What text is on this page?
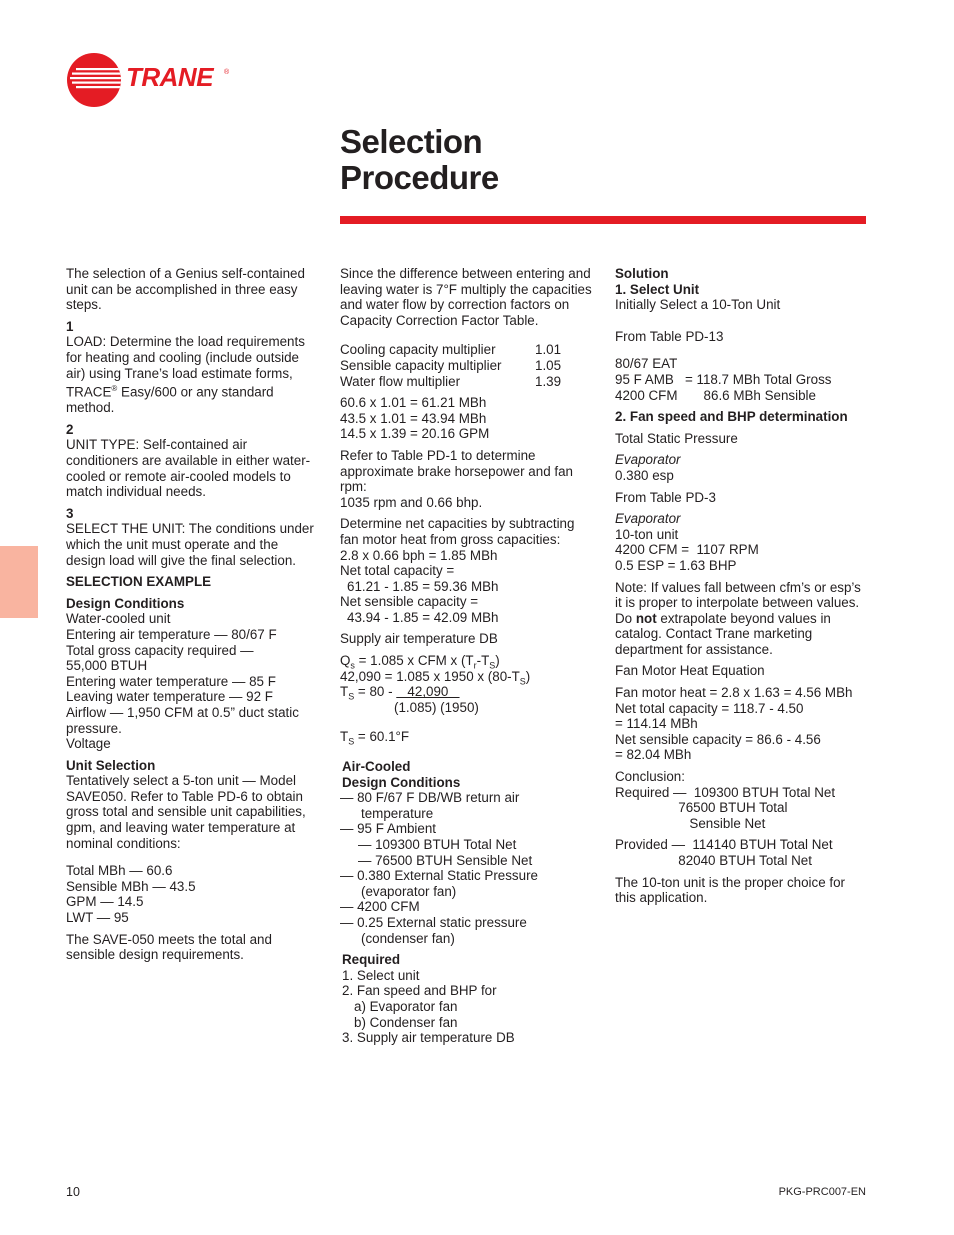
TRANE ®
Selection
Procedure

The selection of a Genius self-contained unit can be accomplished in three easy steps.

1

LOAD: Determine the load requirements for heating and cooling (include outside air) using Trane’s load estimate forms, TRACE® Easy/600 or any standard method.

2

UNIT TYPE: Self-contained air conditioners are available in either water-cooled or remote air-cooled models to match individual needs.

3

SELECT THE UNIT: The conditions under which the unit must operate and the design load will give the final selection.

SELECTION EXAMPLE

Design Conditions
Water-cooled unit
Entering air temperature — 80/67 F
Total gross capacity required —
55,000 BTUH
Entering water temperature — 85 F
Leaving water temperature — 92 F
Airflow — 1,950 CFM at 0.5” duct static pressure.
Voltage
Unit Selection

Tentatively select a 5-ton unit — Model SAVE050. Refer to Table PD-6 to obtain gross total and sensible unit capabilities, gpm, and leaving water temperature at nominal conditions:

Total MBh — 60.6
Sensible MBh — 43.5
GPM — 14.5
LWT — 95

The SAVE-050 meets the total and sensible design requirements.

Since the difference between entering and leaving water is 7°F multiply the capacities and water flow by correction factors on Capacity Correction Factor Table.

Cooling capacity multiplier	1.01
Sensible capacity multiplier	1.05
Water flow multiplier	1.39
60.6 x 1.01 = 61.21 MBh
43.5 x 1.01 = 43.94 MBh
14.5 x 1.39 = 20.16 GPM
Refer to Table PD-1 to determine approximate brake horsepower and fan rpm:

1035 rpm and 0.66 bhp.

Determine net capacities by subtracting fan motor heat from gross capacities:
2.8 x 0.66 bph = 1.85 MBh
Net total capacity =
61.21 - 1.85 = 59.36 MBh
Net sensible capacity =

43.94 - 1.85 = 42.09 MBh

Supply air temperature DB

$Q_s = 1.085$ x CFM x $(T_r-T_S)$
42,090 = 1.085 x 1950 x $(80-T_S)$
$T_S = 80$ -    42,090
(1.085) (1950)

$T_S = 60.1^\circ F$

Air-Cooled
Design Conditions
— 80 F/67 F DB/WB return air temperature
— 95 F Ambient
— 109300 BTUH Total Net
— 76500 BTUH Sensible Net
— 0.380 External Static Pressure (evaporator fan)
— 4200 CFM
— 0.25 External static pressure (condenser fan)
Required
1. Select unit
2. Fan speed and BHP for
a) Evaporator fan
b) Condenser fan
3. Supply air temperature DB
Solution
1. Select Unit
Initially Select a 10-Ton Unit

From Table PD-13

80/67 EAT
95 F AMB   = 118.7 MBh Total Gross
4200 CFM       86.6 MBh Sensible

2. Fan speed and BHP determination

Total Static Pressure

Evaporator

0.380 esp

From Table PD-3

Evaporator
10-ton unit
4200 CFM =  1107 RPM
0.5 ESP = 1.63 BHP

Note: If values fall between cfm’s or esp’s it is proper to interpolate between values. Do not extrapolate beyond values in catalog. Contact Trane marketing department for assistance.

Fan Motor Heat Equation

Fan motor heat = 2.8 x 1.63 = 4.56 MBh
Net total capacity = 118.7 - 4.50
= 114.14 MBh
Net sensible capacity = 86.6 - 4.56
= 82.04 MBh
Conclusion:
Required —  109300 BTUH Total Net
76500 BTUH Total
Sensible Net
Provided —  114140 BTUH Total Net
82040 BTUH Total Net

The 10-ton unit is the proper choice for this application.

10	PKG-PRC007-EN
